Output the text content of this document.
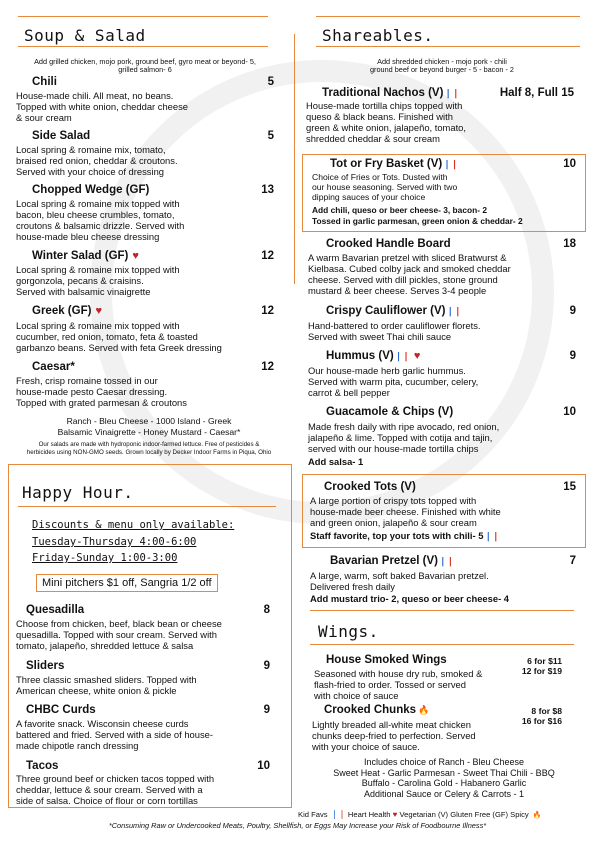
Soup & Salad
Add grilled chicken, mojo pork, ground beef, gyro meat or beyond- 5,
grilled salmon- 6
Chili	5
House-made chili. All meat, no beans.
Topped with white onion, cheddar cheese
& sour cream
Side Salad	5
Local spring & romaine mix, tomato,
braised red onion, cheddar & croutons.
Served with your choice of dressing
Chopped Wedge (GF)	13
Local spring & romaine mix topped with
bacon, bleu cheese crumbles, tomato,
croutons & balsamic drizzle. Served with
house-made bleu cheese dressing
Winter Salad (GF) ♥	12
Local spring & romaine mix topped with
gorgonzola, pecans & craisins.
Served with balsamic vinaigrette
Greek (GF) ♥	12
Local spring & romaine mix topped with
cucumber, red onion, tomato, feta & toasted
garbanzo beans. Served with feta Greek dressing
Caesar*	12
Fresh, crisp romaine tossed in our
house-made pesto Caesar dressing.
Topped with grated parmesan & croutons
Ranch - Bleu Cheese - 1000 Island - Greek
Balsamic Vinaigrette - Honey Mustard - Caesar*
Our salads are made with hydroponic indoor-farmed lettuce. Free of pesticides &
herbicides using NON-GMO seeds. Grown locally by Decker Indoor Farms in Piqua, Ohio
Happy Hour.
Discounts & menu only available:
Tuesday-Thursday 4:00-6:00
Friday-Sunday 1:00-3:00
Mini pitchers $1 off, Sangria 1/2 off
Quesadilla	8
Choose from chicken, beef, black bean or cheese
quesadilla. Topped with sour cream. Served with
tomato, jalapeño, shredded lettuce & salsa
Sliders	9
Three classic smashed sliders. Topped with
American cheese, white onion & pickle
CHBC Curds	9
A favorite snack. Wisconsin cheese curds
battered and fried. Served with a side of house-
made chipotle ranch dressing
Tacos	10
Three ground beef or chicken tacos topped with
cheddar, lettuce & sour cream. Served with a
side of salsa. Choice of flour or corn tortillas
Shareables.
Add shredded chicken - mojo pork - chili
ground beef or beyond burger - 5 - bacon - 2
Traditional Nachos (V)❘❘	Half 8, Full 15
House-made tortilla chips topped with
queso & black beans. Finished with
green & white onion, jalapeño, tomato,
shredded cheddar & sour cream
Tot or Fry Basket (V)❘❘	10
Choice of Fries or Tots. Dusted with
our house seasoning. Served with two
dipping sauces of your choice
Add chili, queso or beer cheese- 3, bacon- 2
Tossed in garlic parmesan, green onion & cheddar- 2
Crooked Handle Board	18
A warm Bavarian pretzel with sliced Bratwurst &
Kielbasa. Cubed colby jack and smoked cheddar
cheese. Served with dill pickles, stone ground
mustard & beer cheese. Serves 3-4 people
Crispy Cauliflower (V)❘❘	9
Hand-battered to order cauliflower florets.
Served with sweet Thai chili sauce
Hummus (V)❘❘ ♥	9
Our house-made herb garlic hummus.
Served with warm pita, cucumber, celery,
carrot & bell pepper
Guacamole & Chips (V)	10
Made fresh daily with ripe avocado, red onion,
jalapeño & lime. Topped with cotija and tajin,
served with our house-made tortilla chips
Add salsa- 1
Crooked Tots (V)	15
A large portion of crispy tots topped with
house-made beer cheese. Finished with white
and green onion, jalapeño & sour cream
Staff favorite, top your tots with chili- 5❘❘
Bavarian Pretzel (V)❘❘	7
A large, warm, soft baked Bavarian pretzel.
Delivered fresh daily
Add mustard trio- 2, queso or beer cheese- 4
Wings.
House Smoked Wings	6 for $11
12 for $19
Seasoned with house dry rub, smoked &
flash-fried to order. Tossed or served
with choice of sauce
Crooked Chunks 🔥	8 for $8
16 for $16
Lightly breaded all-white meat chicken
chunks deep-fried to perfection. Served
with your choice of sauce.
Includes choice of Ranch - Bleu Cheese
Sweet Heat - Garlic Parmesan - Sweet Thai Chili - BBQ
Buffalo - Carolina Gold - Habanero Garlic
Additional Sauce or Celery & Carrots - 1
Kid Favs ❘❘ Heart Health ♥ Vegetarian (V) Gluten Free (GF) Spicy 🔥
*Consuming Raw or Undercooked Meats, Poultry, Shellfish, or Eggs May Increase your Risk of Foodbourne Illness*
